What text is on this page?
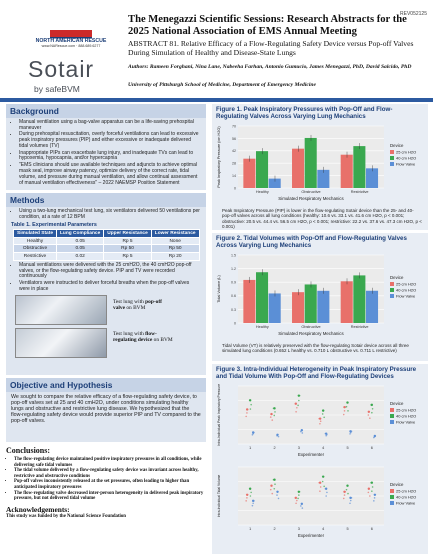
NORTH AMERICAN RESCUE
www.NARescue.com · 888.689.6277
Sotair
by safeBVM
REV052125
The Menegazzi Scientific Sessions: Research Abstracts for the 2025 National Association of EMS Annual Meeting
ABSTRACT 81. Relative Efficacy of a Flow-Regulating Safety Device versus Pop-off Valves During Simulation of Healthy and Disease-State Lungs
Authors: Rameen Forghani, Nina Lane, Nabeeha Farhan, Antonio Gumucio, James Menegazzi, PhD, David Salcido, PhD
University of Pittsburgh School of Medicine, Department of Emergency Medicine
Background
• Manual ventilation using a bag-valve apparatus can be a life-saving prehospital maneuver
• During prehospital resuscitation, overly forceful ventilations can lead to excessive peak inspiratory pressures (PIP) and either excessive or inadequate delivered tidal volumes (TV)
• Inappropriate PIPs can exacerbate lung injury, and inadequate TVs can lead to hypoxemia, hypocapnia, and/or hypercapnia
• "EMS clinicians should use available techniques and adjuncts to achieve optimal mask seal, improve airway patency, optimize delivery of the correct rate, tidal volume, and pressure during manual ventilation, and allow continual assessment of manual ventilation effectiveness" – 2022 NAEMSP Position Statement
Methods
• Using a two-lung mechanical test lung, six ventilators delivered 50 ventilations per condition, at a rate of 12 BPM
Table 1. Experimental Parameters
Simulated State	Lung Compliance	Upper Resistance	Lower Resistance
Healthy	0.05	Rp 5	None
Obstructive	0.05	Rp 50	Rp 50
Restrictive	0.02	Rp 5	Rp 20
• Manual ventilations were delivered with the 25 cmH2O, the 40 cmH2O pop-off valves, or the flow-regulating safety device. PIP and TV were recorded continuously
• Ventilators were instructed to deliver forceful breaths when the pop-off valves were in place
Test lung with pop-off valve on BVM
Test lung with flow-regulating device on BVM
Objective and Hypothesis
We sought to compare the relative efficacy of a flow-regulating safety device, to pop-off valves set at 25 and 40 cmH2O, under conditions simulating healthy lungs and obstructive and restrictive lung disease. We hypothesized that the flow-regulating safety device would provide superior PIP and TV compared to the pop-off valves.
Conclusions:
• The flow-regulating device maintained positive inspiratory pressures in all conditions, while delivering safe tidal volumes
• The tidal volume delivered by a flow-regulating safety device was invariant across healthy, restrictive and obstructive conditions
• Pop-off valves inconsistently released at the set pressures, often leading to higher than anticipated inspiratory pressures
• The flow-regulating valve decreased inter-person heterogeneity in delivered peak inspiratory pressure, but not delivered tidal volume
Acknowledgements:
This study was funded by the National Science Foundation
Figure 1. Peak Inspiratory Pressures with Pop-Off and Flow-Regulating Valves Across Varying Lung Mechanics
0
14
28
42
56
70
Healthy	Obstructive	Restrictive
Simulated Respiratory Mechanics
Peak Inspiratory Pressure (cm H2O)	Device
25 cm H2O
40 cm H2O
Flow Valve
Peak Inspiratory Pressure (PIP) is lower in the flow-regulating Sotair device than the 25- and 40- pop-off valves across all lung conditions (healthy: 10.6 vs. 33.1 vs. 41.6 cm H2O, p < 0.001; obstructive: 20.5 vs. 44.4 vs. 56.5 cm H2O, p < 0.001; restrictive: 22.2 vs. 37.6 vs. 47.3 cm H2O, p < 0.001)
Figure 2. Tidal Volumes with Pop-Off and Flow-Regulating Valves Across Varying Lung Mechanics
0
0.3
0.6
0.9
1.2
1.5
Healthy	Obstructive	Restrictive
Simulated Respiratory Mechanics
Tidal Volume (L)	Device
25 cm H2O
40 cm H2O
Flow Valve
Tidal Volume (VT) is relatively preserved with the flow-regulating Sotair device across all three simulated lung conditions (0.652 L healthy vs. 0.710 L obstructive vs. 0.711 L restrictive)
Figure 3. Intra-Individual Heterogeneity in Peak Inspiratory Pressure and Tidal Volume With Pop-Off and Flow-Regulating Devices
1	2	3	4	5	6
Experimenter
Intra-Individual Peak Inspiratory Pressure	Device
25 cm H2O
40 cm H2O
Flow Valve

1	2	3	4	5	6
Experimenter
Intra-Individual Tidal Volume	Device
25 cm H2O
40 cm H2O
Flow Valve
